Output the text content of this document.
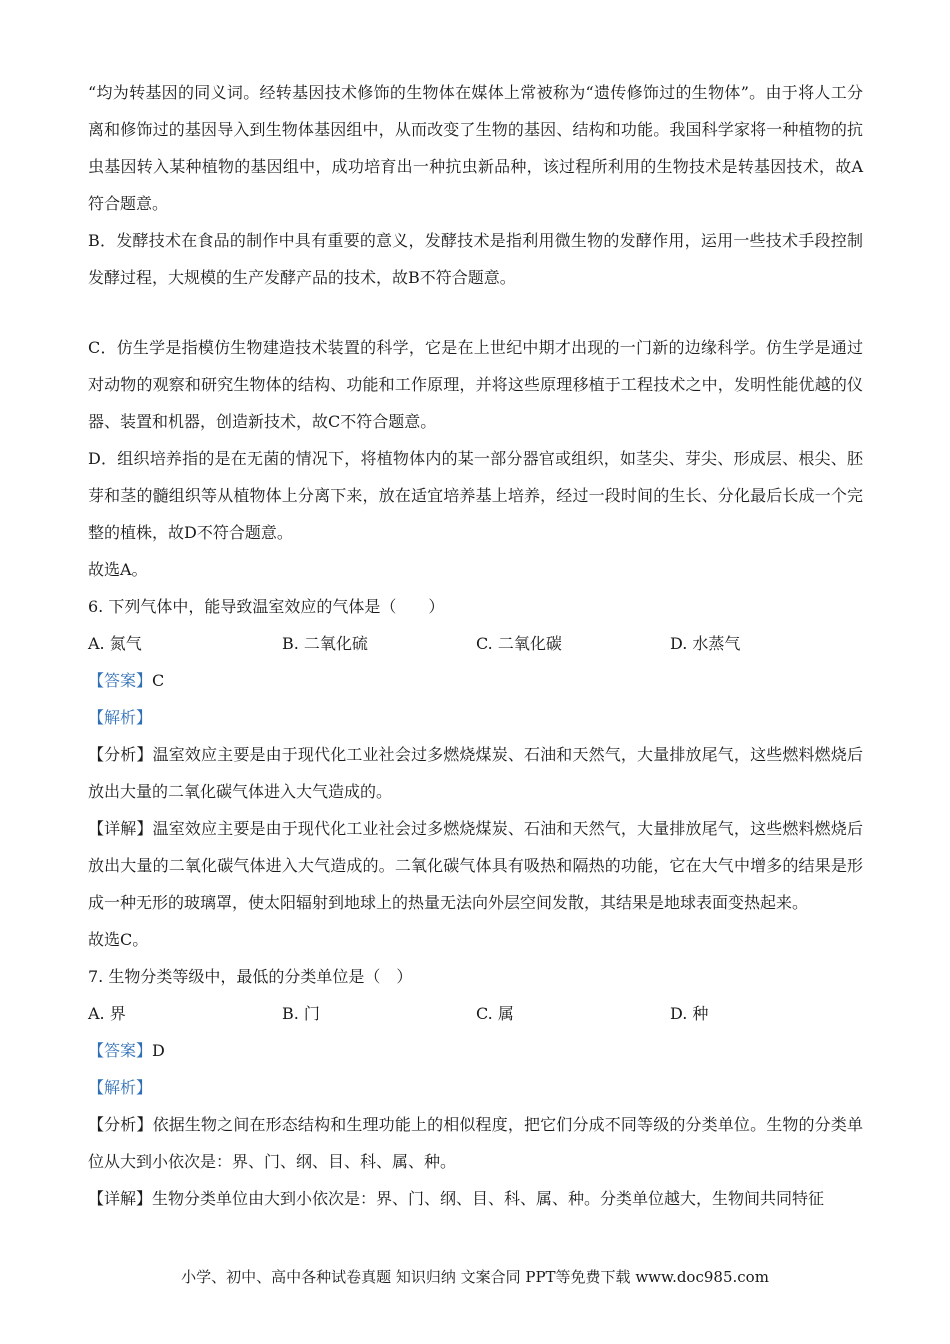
“均为转基因的同义词。经转基因技术修饰的生物体在媒体上常被称为“遗传修饰过的生物体”。由于将人工分离和修饰过的基因导入到生物体基因组中，从而改变了生物的基因、结构和功能。我国科学家将一种植物的抗虫基因转入某种植物的基因组中，成功培育出一种抗虫新品种，该过程所利用的生物技术是转基因技术，故A符合题意。

B．发酵技术在食品的制作中具有重要的意义，发酵技术是指利用微生物的发酵作用，运用一些技术手段控制发酵过程，大规模的生产发酵产品的技术，故B不符合题意。

C．仿生学是指模仿生物建造技术装置的科学，它是在上世纪中期才出现的一门新的边缘科学。仿生学是通过对动物的观察和研究生物体的结构、功能和工作原理，并将这些原理移植于工程技术之中，发明性能优越的仪器、装置和机器，创造新技术，故C不符合题意。

D．组织培养指的是在无菌的情况下，将植物体内的某一部分器官或组织，如茎尖、芽尖、形成层、根尖、胚芽和茎的髓组织等从植物体上分离下来，放在适宜培养基上培养，经过一段时间的生长、分化最后长成一个完整的植株，故D不符合题意。

故选A。

6. 下列气体中，能导致温室效应的气体是（　　）

A. 氮气	B. 二氧化硫	C. 二氧化碳	D. 水蒸气

【答案】C

【解析】

【分析】温室效应主要是由于现代化工业社会过多燃烧煤炭、石油和天然气，大量排放尾气，这些燃料燃烧后放出大量的二氧化碳气体进入大气造成的。

【详解】温室效应主要是由于现代化工业社会过多燃烧煤炭、石油和天然气，大量排放尾气，这些燃料燃烧后放出大量的二氧化碳气体进入大气造成的。二氧化碳气体具有吸热和隔热的功能，它在大气中增多的结果是形成一种无形的玻璃罩，使太阳辐射到地球上的热量无法向外层空间发散，其结果是地球表面变热起来。

故选C。

7. 生物分类等级中，最低的分类单位是（　）

A. 界	B. 门	C. 属	D. 种

【答案】D

【解析】

【分析】依据生物之间在形态结构和生理功能上的相似程度，把它们分成不同等级的分类单位。生物的分类单位从大到小依次是：界、门、纲、目、科、属、种。

【详解】生物分类单位由大到小依次是：界、门、纲、目、科、属、种。分类单位越大，生物间共同特征

小学、初中、高中各种试卷真题 知识归纳 文案合同 PPT等免费下载 www.doc985.com
